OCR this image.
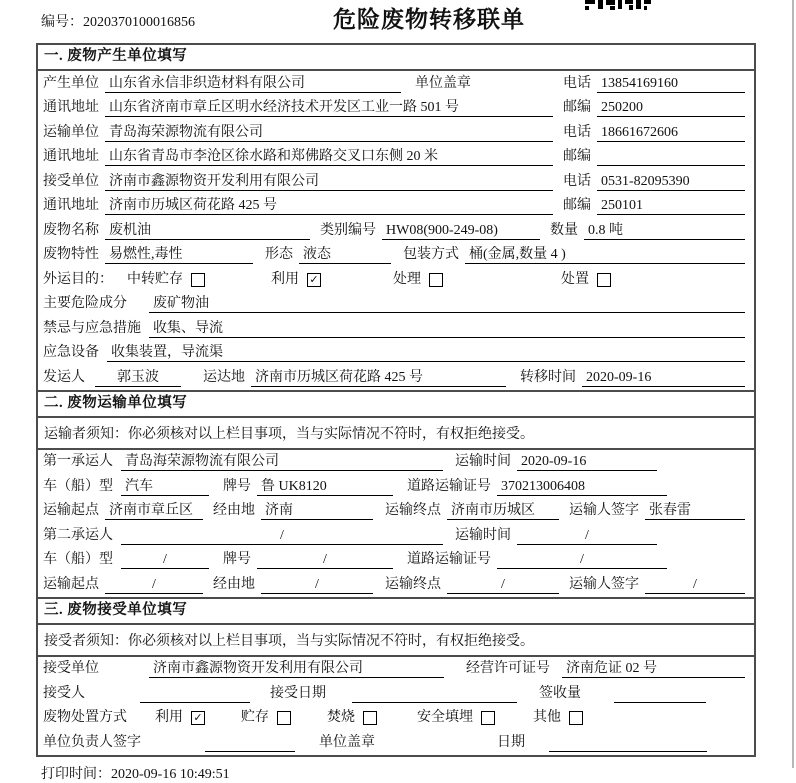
编号：2020370100016856	危险废物转移联单
一. 废物产生单位填写
产生单位 山东省永信非织造材料有限公司	单位盖章	电话 13854169160
通讯地址 山东省济南市章丘区明水经济技术开发区工业一路 501 号	邮编 250200
运输单位 青岛海荣源物流有限公司	电话 18661672606
通讯地址 山东省青岛市李沧区徐水路和郑佛路交叉口东侧 20 米	邮编
接受单位 济南市鑫源物资开发利用有限公司	电话 0531-82095390
通讯地址 济南市历城区荷花路 425 号	邮编 250101
废物名称 废机油	类别编号 HW08(900-249-08)	数量 0.8 吨
废物特性 易燃性,毒性	形态 液态	包装方式 桶(金属,数量 4 )
外运目的： 中转贮存	利用 ✓	处理	处置
主要危险成分 废矿物油
禁忌与应急措施 收集、导流
应急设备 收集装置，导流渠
发运人	郭玉波	运达地 济南市历城区荷花路 425 号	转移时间 2020-09-16
二. 废物运输单位填写
运输者须知：你必须核对以上栏目事项，当与实际情况不符时，有权拒绝接受。
第一承运人 青岛海荣源物流有限公司	运输时间 2020-09-16
车（船）型 汽车	牌号 鲁 UK8120	道路运输证号 370213006408
运输起点 济南市章丘区	经由地 济南	运输终点 济南市历城区	运输人签字 张春雷
第二承运人	/	运输时间	/
车（船）型	/	牌号	/	道路运输证号	/
运输起点	/	经由地	/	运输终点	/	运输人签字	/
三. 废物接受单位填写
接受者须知：你必须核对以上栏目事项，当与实际情况不符时，有权拒绝接受。
接受单位	济南市鑫源物资开发利用有限公司	经营许可证号 济南危证 02 号
接受人	接受日期	签收量
废物处置方式 利用 ✓	贮存	焚烧	安全填埋	其他
单位负责人签字	单位盖章	日期
打印时间：2020-09-16 10:49:51
